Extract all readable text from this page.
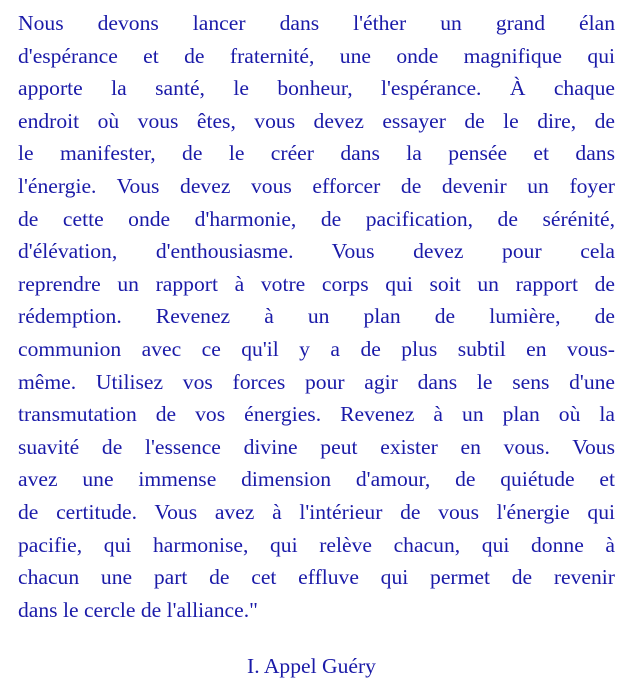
Nous devons lancer dans l'éther un grand élan
d'espérance et de fraternité, une onde magnifique qui
apporte la santé, le bonheur, l'espérance. À chaque
endroit où vous êtes, vous devez essayer de le dire, de
le manifester, de le créer dans la pensée et dans
l'énergie. Vous devez vous efforcer de devenir un foyer
de cette onde d'harmonie, de pacification, de sérénité,
d'élévation, d'enthousiasme. Vous devez pour cela
reprendre un rapport à votre corps qui soit un rapport de
rédemption. Revenez à un plan de lumière, de
communion avec ce qu'il y a de plus subtil en vous-
même. Utilisez vos forces pour agir dans le sens d'une
transmutation de vos énergies. Revenez à un plan où la
suavité de l'essence divine peut exister en vous. Vous
avez une immense dimension d'amour, de quiétude et
de certitude. Vous avez à l'intérieur de vous l'énergie qui
pacifie, qui harmonise, qui relève chacun, qui donne à
chacun une part de cet effluve qui permet de revenir
dans le cercle de l'alliance."
I. Appel Guéry
